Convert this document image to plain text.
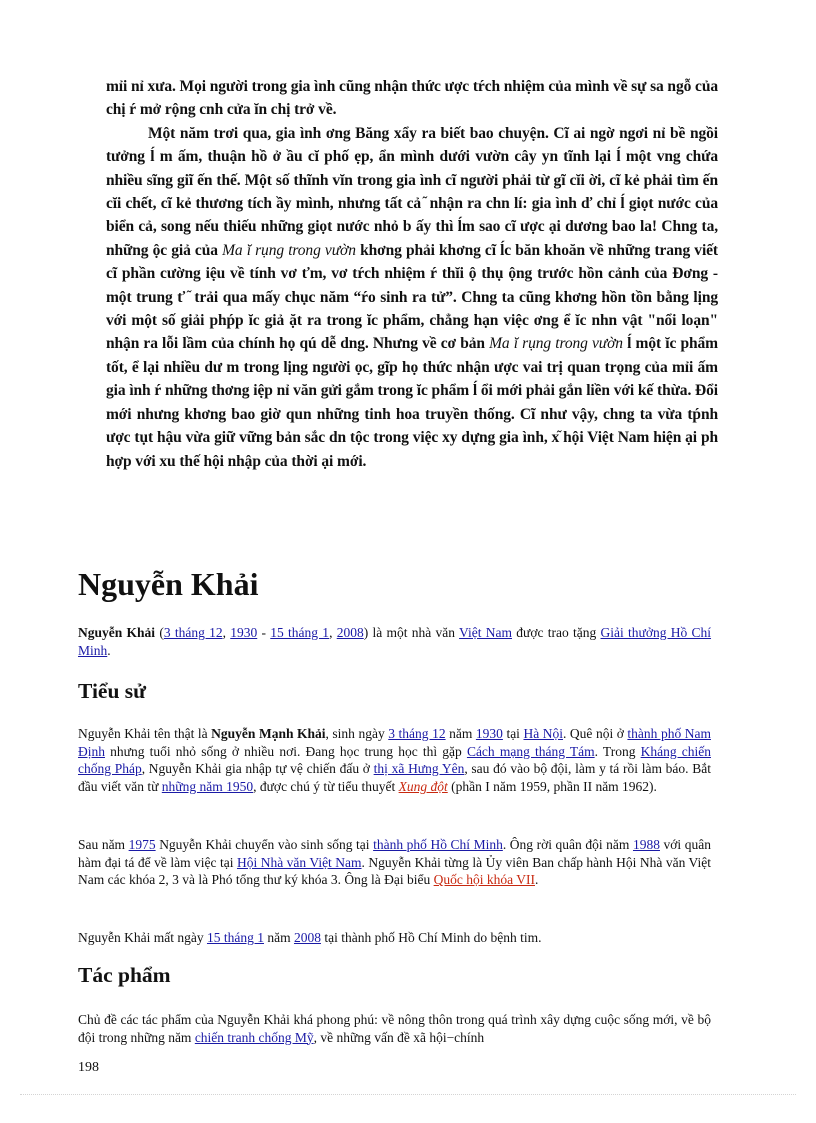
mỉi nỉ xưa. Mọi người trong gia ình cũng nhận thức ược tŕch nhiệm của mình về sự sa ngỗ của chị ŕ mở rộng cnh cửa ĭn chị trở về.

Một năm trơi qua, gia ình ơng Băng xẩy ra biết bao chuyện. Cĩ ai ngờ ngơi nỉ bề ngồi tưởng ĺ m ấm, thuận hồ ở ầu cĭ phố ẹp, ẩn mình dưới vườn cây yn tĩnh lại ĺ một vng chứa nhiều sĩng giĩ ến thế. Một số thĩnh vĭn trong gia ình cĩ người phải từ gĩ cĭi ời, cĩ kẻ phải tìm ến cĭi chết, cĩ kẻ thương tích ầy mình, nhưng tất cả ᷉ nhận ra chn lí: gia ình ď chỉ ĺ giọt nước của biển cả, song nếu thiếu những giọt nước nhỏ b ấy thì ĺm sao cĩ ược ại dương bao la! Chng ta, những ộc giả của Ma ĭ rụng trong vườn khơng phải khơng cĩ ĺc băn khoăn về những trang viết cĩ phần cường iệu về tính vơ ťm, vơ tŕch nhiệm ŕ thĭi ộ thụ ộng trước hồn cảnh của Đơng - một trung ť ᷉ trải qua mấy chục năm “ŕo sinh ra tử”. Chng ta cũng khơng hồn tồn bằng lịng với một số giải phṕp ĭc giả ặt ra trong ĭc phẩm, chẳng hạn việc ơng ể ĭc nhn vật "nổi loạn" nhận ra lỗi lầm của chính họ qú dễ dng. Nhưng về cơ bản Ma ĭ rụng trong vườn ĺ một ĭc phẩm tốt, ể lại nhiều dư m trong lịng người ọc, gĩp họ thức nhận ược vai trị quan trọng của mỉi ấm gia ình ŕ những thơng iệp nỉ văn gửi gắm trong ĭc phẩm ĺ ổi mới phải gắn liền với kế thừa. Đổi mới nhưng khơng bao giờ qun những tinh hoa truyền thống. Cĩ như vậy, chng ta vừa tṕnh ược tụt hậu vừa giữ vững bản sắc dn tộc trong việc xy dựng gia ình, x᷉ hội Việt Nam hiện ại ph hợp với xu thế hội nhập của thời ại mới.

Nguyễn Khải

Nguyễn Khải (3 tháng 12, 1930 - 15 tháng 1, 2008) là một nhà văn Việt Nam được trao tặng Giải thưởng Hồ Chí Minh.

Tiểu sử

Nguyễn Khải tên thật là Nguyễn Mạnh Khải, sinh ngày 3 tháng 12 năm 1930 tại Hà Nội. Quê nội ở thành phố Nam Định nhưng tuổi nhỏ sống ở nhiều nơi. Đang học trung học thì gặp Cách mạng tháng Tám. Trong Kháng chiến chống Pháp, Nguyễn Khải gia nhập tự vệ chiến đấu ở thị xã Hưng Yên, sau đó vào bộ đội, làm y tá rồi làm báo. Bắt đầu viết văn từ những năm 1950, được chú ý từ tiểu thuyết Xung đột (phần I năm 1959, phần II năm 1962).

Sau năm 1975 Nguyễn Khải chuyển vào sinh sống tại thành phố Hồ Chí Minh. Ông rời quân đội năm 1988 với quân hàm đại tá để về làm việc tại Hội Nhà văn Việt Nam. Nguyễn Khải từng là Ủy viên Ban chấp hành Hội Nhà văn Việt Nam các khóa 2, 3 và là Phó tổng thư ký khóa 3. Ông là Đại biểu Quốc hội khóa VII.

Nguyễn Khải mất ngày 15 tháng 1 năm 2008 tại thành phố Hồ Chí Minh do bệnh tim.

Tác phẩm

Chủ đề các tác phẩm của Nguyễn Khải khá phong phú: về nông thôn trong quá trình xây dựng cuộc sống mới, về bộ đội trong những năm chiến tranh chống Mỹ, về những vấn đề xã hội−chính

198
